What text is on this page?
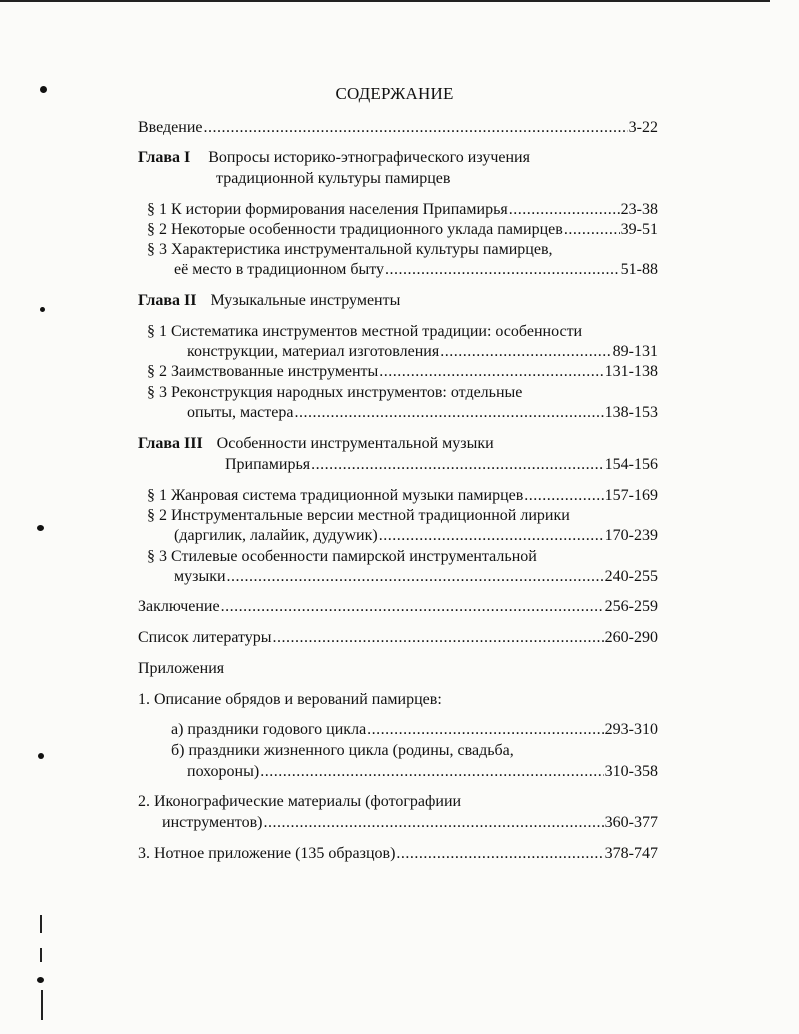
СОДЕРЖАНИЕ
Введение .....	3-22
Глава I Вопросы историко-этнографического изучения
традиционной культуры памирцев
§ 1 К истории формирования населения Припамирья .....	23-38
§ 2 Некоторые особенности традиционного уклада памирцев .....	39-51
§ 3 Характеристика инструментальной культуры памирцев,
её место в традиционном быту .....	51-88
Глава II Музыкальные инструменты
§ 1 Систематика инструментов местной традиции: особенности
конструкции, материал изготовления .....	89-131
§ 2 Заимствованные инструменты .....	131-138
§ 3 Реконструкция народных инструментов: отдельные
опыты, мастера .....	138-153
Глава III Особенности инструментальной музыки
Припамирья .....	154-156
§ 1 Жанровая система традиционной музыки памирцев .....	157-169
§ 2 Инструментальные версии местной традиционной лирики
(даргилик, лалайик, дудуwик) .....	170-239
§ 3 Стилевые особенности памирской инструментальной
музыки .....	240-255
Заключение .....	256-259
Список литературы .....	260-290
Приложения
1. Описание обрядов и верований памирцев:
а) праздники годового цикла .....	293-310
б) праздники жизненного цикла (родины, свадьба,
похороны) .....	310-358
2. Иконографические материалы (фотографиии
инструментов) .....	360-377
3. Нотное приложение (135 образцов) .....	378-747
